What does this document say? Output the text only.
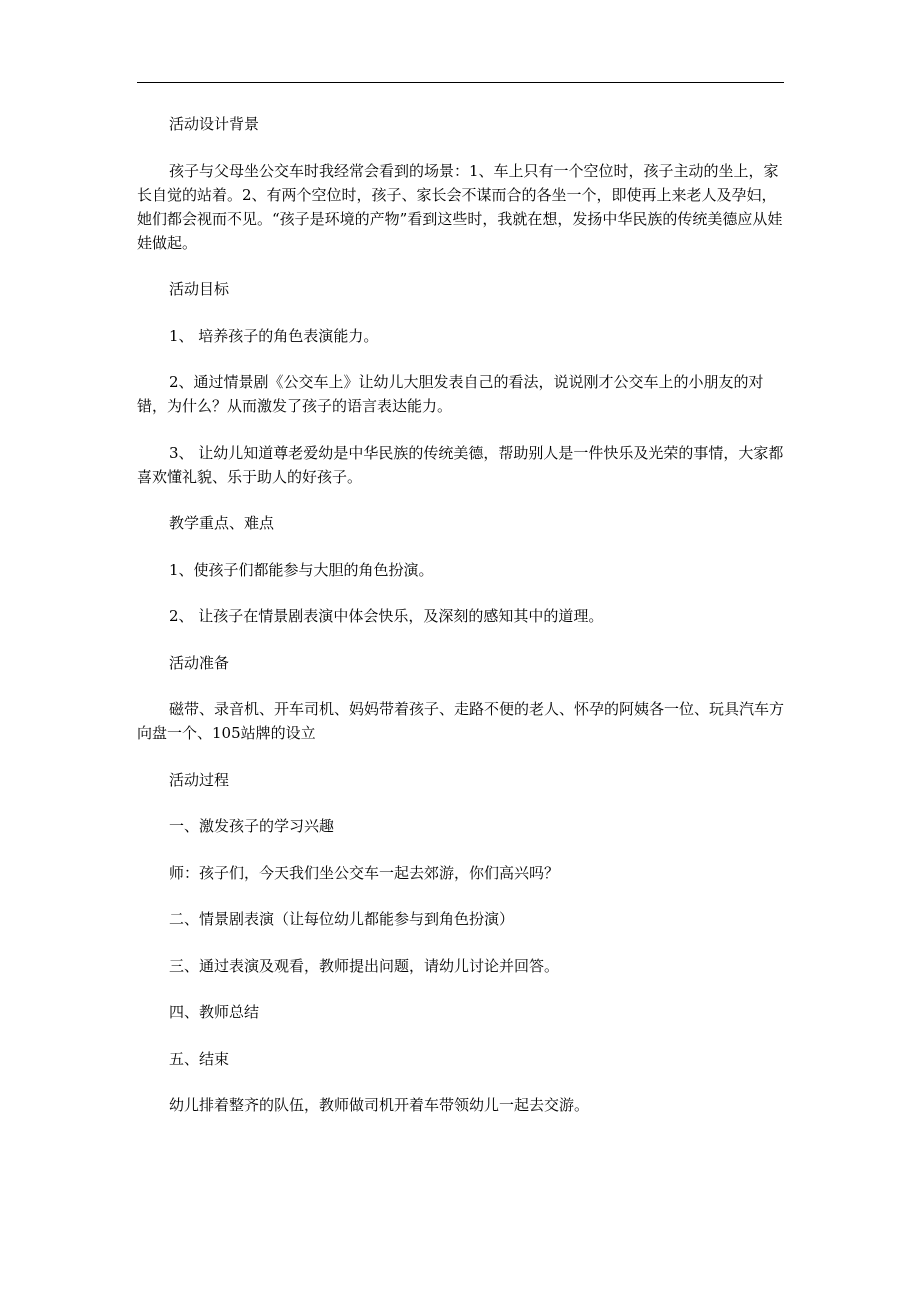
活动设计背景

孩子与父母坐公交车时我经常会看到的场景：1、车上只有一个空位时，孩子主动的坐上，家长自觉的站着。2、有两个空位时，孩子、家长会不谋而合的各坐一个，即使再上来老人及孕妇，她们都会视而不见。“孩子是环境的产物”看到这些时，我就在想，发扬中华民族的传统美德应从娃娃做起。

活动目标

1、 培养孩子的角色表演能力。

2、通过情景剧《公交车上》让幼儿大胆发表自己的看法，说说刚才公交车上的小朋友的对错，为什么？从而激发了孩子的语言表达能力。

3、 让幼儿知道尊老爱幼是中华民族的传统美德，帮助别人是一件快乐及光荣的事情，大家都喜欢懂礼貌、乐于助人的好孩子。

教学重点、难点

1、使孩子们都能参与大胆的角色扮演。

2、 让孩子在情景剧表演中体会快乐，及深刻的感知其中的道理。

活动准备

磁带、录音机、开车司机、妈妈带着孩子、走路不便的老人、怀孕的阿姨各一位、玩具汽车方向盘一个、105站牌的设立

活动过程

一、激发孩子的学习兴趣

师：孩子们，今天我们坐公交车一起去郊游，你们高兴吗？

二、情景剧表演（让每位幼儿都能参与到角色扮演）

三、通过表演及观看，教师提出问题，请幼儿讨论并回答。

四、教师总结

五、结束

幼儿排着整齐的队伍，教师做司机开着车带领幼儿一起去交游。
